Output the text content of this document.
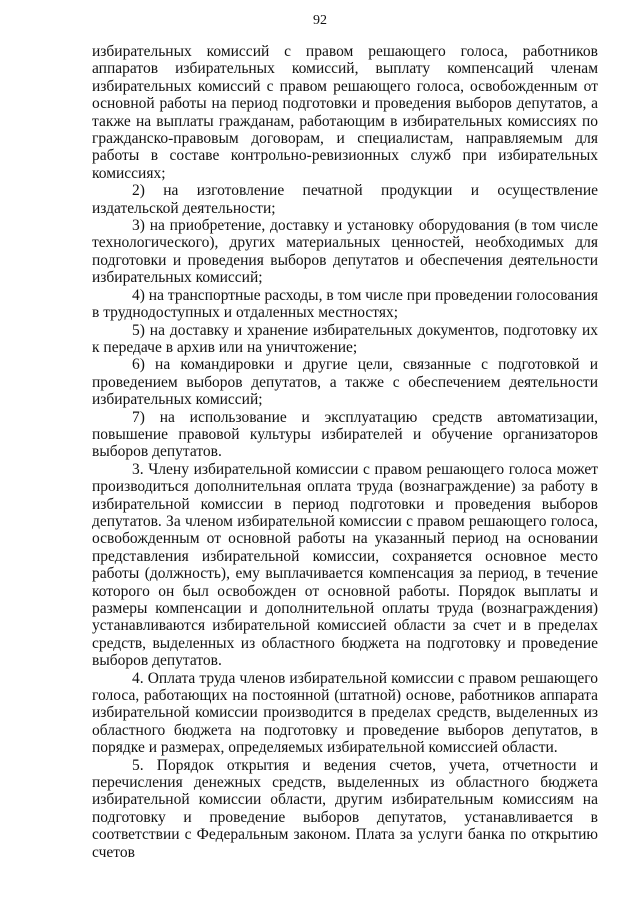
92

избирательных комиссий с правом решающего голоса, работников аппаратов избирательных комиссий, выплату компенсаций членам избирательных комиссий с правом решающего голоса, освобожденным от основной работы на период подготовки и проведения выборов депутатов, а также на выплаты гражданам, работающим в избирательных комиссиях по гражданско-правовым договорам, и специалистам, направляемым для работы в составе контрольно-ревизионных служб при избирательных комиссиях;

2) на изготовление печатной продукции и осуществление издательской деятельности;

3) на приобретение, доставку и установку оборудования (в том числе технологического), других материальных ценностей, необходимых для подготовки и проведения выборов депутатов и обеспечения деятельности избирательных комиссий;

4) на транспортные расходы, в том числе при проведении голосования в труднодоступных и отдаленных местностях;

5) на доставку и хранение избирательных документов, подготовку их к передаче в архив или на уничтожение;

6) на командировки и другие цели, связанные с подготовкой и проведением выборов депутатов, а также с обеспечением деятельности избирательных комиссий;

7) на использование и эксплуатацию средств автоматизации, повышение правовой культуры избирателей и обучение организаторов выборов депутатов.

3. Члену избирательной комиссии с правом решающего голоса может производиться дополнительная оплата труда (вознаграждение) за работу в избирательной комиссии в период подготовки и проведения выборов депутатов. За членом избирательной комиссии с правом решающего голоса, освобожденным от основной работы на указанный период на основании представления избирательной комиссии, сохраняется основное место работы (должность), ему выплачивается компенсация за период, в течение которого он был освобожден от основной работы. Порядок выплаты и размеры компенсации и дополнительной оплаты труда (вознаграждения) устанавливаются избирательной комиссией области за счет и в пределах средств, выделенных из областного бюджета на подготовку и проведение выборов депутатов.

4. Оплата труда членов избирательной комиссии с правом решающего голоса, работающих на постоянной (штатной) основе, работников аппарата избирательной комиссии производится в пределах средств, выделенных из областного бюджета на подготовку и проведение выборов депутатов, в порядке и размерах, определяемых избирательной комиссией области.

5. Порядок открытия и ведения счетов, учета, отчетности и перечисления денежных средств, выделенных из областного бюджета избирательной комиссии области, другим избирательным комиссиям на подготовку и проведение выборов депутатов, устанавливается в соответствии с Федеральным законом. Плата за услуги банка по открытию счетов
